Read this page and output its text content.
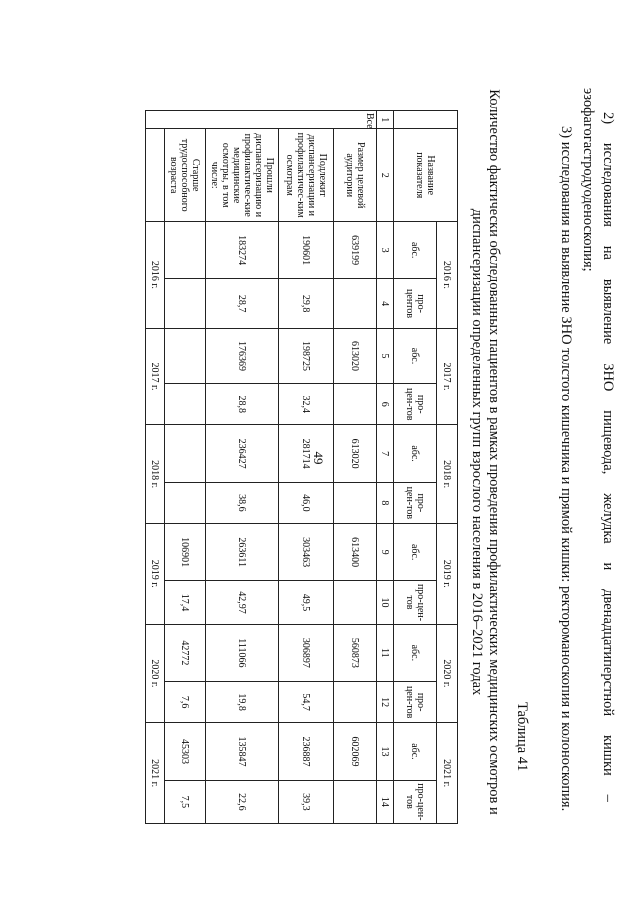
49
2)
исследования
на
выявление
ЗНО
пищевода,
желудка
и
двенадцатиперстной
кишки
–
эзофагогастродуоденоскопия;
3) исследования на выявление ЗНО толстого кишечника и прямой кишки: ректороманоскопия и колоноскопия.
Таблица 41
Количество фактически обследованных пациентов в рамках проведения профилактических медицинских осмотров и диспансеризации определенных групп взрослого населения в 2016–2021 годах
	Название показателя	2016 г.		2017 г.		2018 г.		2019 г.		2020 г.		2021 г.	
		абс.	про-центов	абс.	про-цен-тов	абс.	про-цен-тов	абс.	про-цен-тов	абс.	про-цен-тов	абс.	про-цен-тов
1	2	3	4	5	6	7	8	9	10	11	12	13	14
Всего	Размер целевой аудитории	639199		613020		613020		613400		560873		602069	
	Подлежит диспансеризации и профилактичес-ким осмотрам	190601	29,8	198725	32,4	281714	46,0	303463	49,5	306897	54,7	236887	39,3
	Прошли диспансеризацию и профилактичес-кие медицинские осмотры, в том числе:	183274	28,7	176369	28,8	236427	38,6	263611	42,97	111066	19,8	135847	22,6
	Старше трудоспособного возраста							106901	17,4	42772	7,6	45303	7,5
		2016 г.		2017 г.		2018 г.		2019 г.		2020 г.		2021 г.	
